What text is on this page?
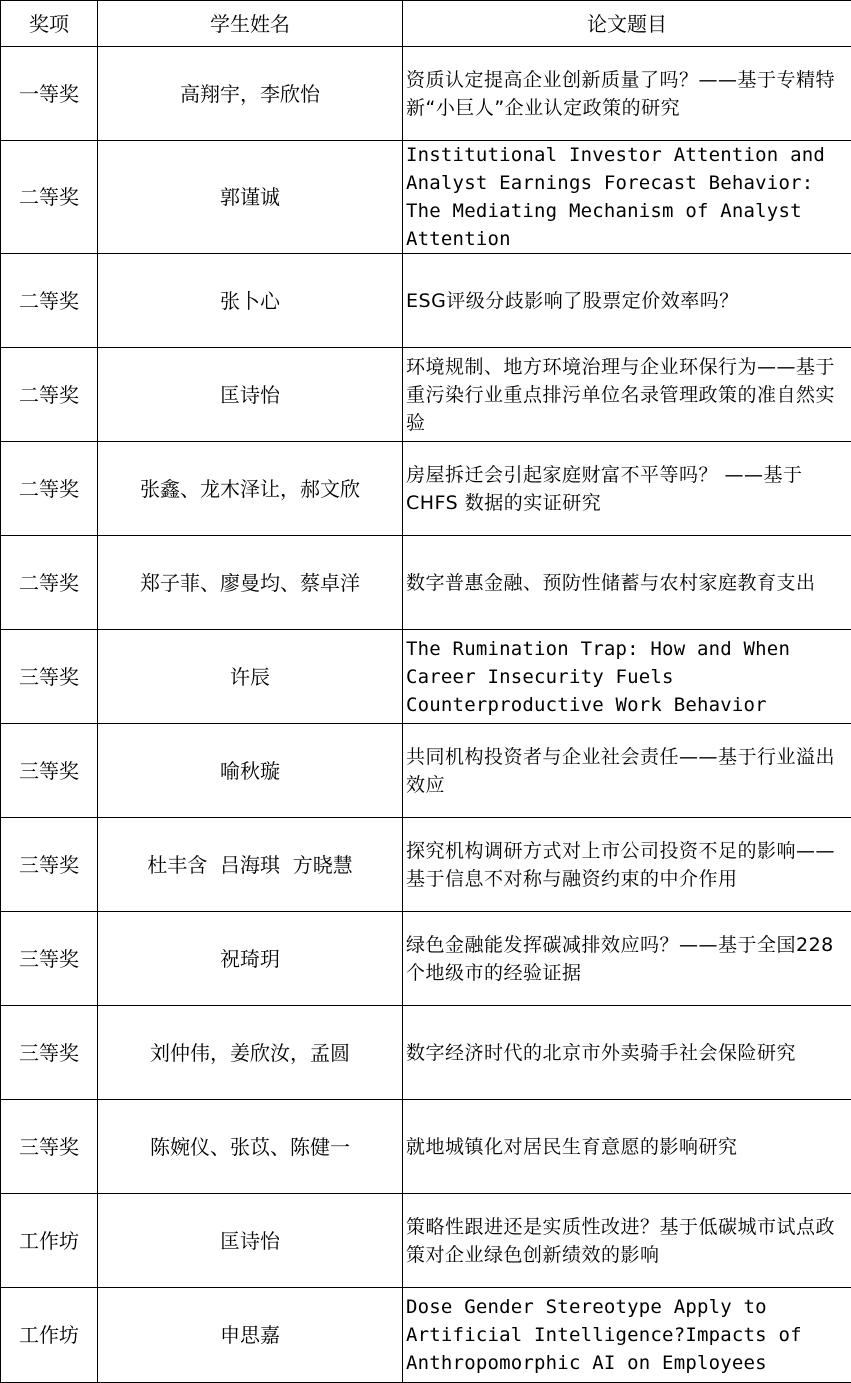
奖项	学生姓名	论文题目
一等奖	高翔宇，李欣怡	资质认定提高企业创新质量了吗？——基于专精特新“小巨人”企业认定政策的研究
二等奖	郭谨诚	Institutional Investor Attention and Analyst Earnings Forecast Behavior: The Mediating Mechanism of Analyst Attention
二等奖	张卜心	ESG评级分歧影响了股票定价效率吗？
二等奖	匡诗怡	环境规制、地方环境治理与企业环保行为——基于重污染行业重点排污单位名录管理政策的准自然实验
二等奖	张鑫、龙木泽让，郝文欣	房屋拆迁会引起家庭财富不平等吗？ ——基于 CHFS 数据的实证研究
二等奖	郑子菲、廖曼均、蔡卓洋	数字普惠金融、预防性储蓄与农村家庭教育支出
三等奖	许辰	The Rumination Trap: How and When Career Insecurity Fuels Counterproductive Work Behavior
三等奖	喻秋璇	共同机构投资者与企业社会责任——基于行业溢出效应
三等奖	杜丰含  吕海琪  方晓慧	探究机构调研方式对上市公司投资不足的影响——基于信息不对称与融资约束的中介作用
三等奖	祝琦玥	绿色金融能发挥碳减排效应吗？——基于全国228个地级市的经验证据
三等奖	刘仲伟，姜欣汝，孟圆	数字经济时代的北京市外卖骑手社会保险研究
三等奖	陈婉仪、张苡、陈健一	就地城镇化对居民生育意愿的影响研究
工作坊	匡诗怡	策略性跟进还是实质性改进？基于低碳城市试点政策对企业绿色创新绩效的影响
工作坊	申思嘉	Dose Gender Stereotype Apply to Artificial Intelligence?Impacts of Anthropomorphic AI on Employees
